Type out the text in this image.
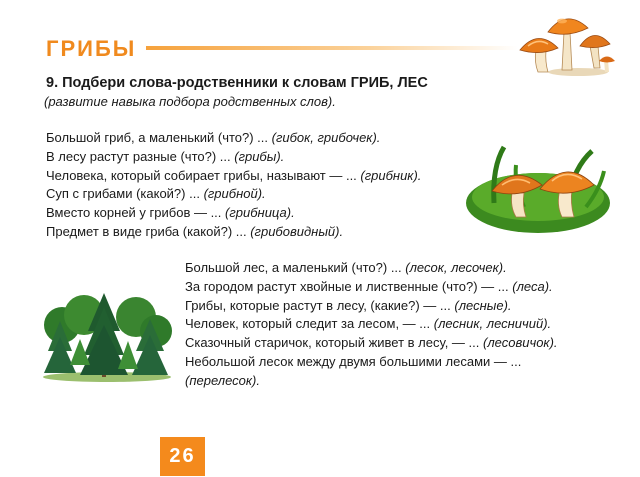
ГРИБЫ
9. Подбери слова-родственники к словам ГРИБ, ЛЕС
(развитие навыка подбора родственных слов).
Большой гриб, а маленький (что?) ... (гибок, грибочек).
В лесу растут разные (что?) ... (грибы).
Человека, который собирает грибы, называют — ... (грибник).
Суп с грибами (какой?) ... (грибной).
Вместо корней у грибов — ... (грибница).
Предмет в виде гриба (какой?) ... (грибовидный).
Большой лес, а маленький (что?) ... (лесок, лесочек).
За городом растут хвойные и лиственные (что?) — ... (леса).
Грибы, которые растут в лесу, (какие?) — ... (лесные).
Человек, который следит за лесом, — ... (лесник, лесничий).
Сказочный старичок, который живет в лесу, — ... (лесовичок).
Небольшой лесок между двумя большими лесами — ...
(перелесок).
26
